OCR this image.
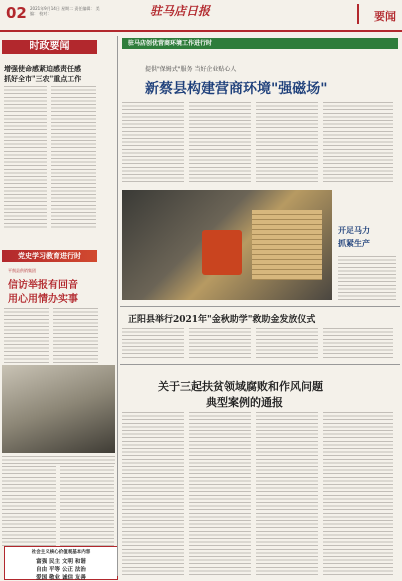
02 2021年9月14日 星期二 责任编辑： 美编： 校对：	驻马店日报	要闻
时政要闻
增强使命感紧迫感责任感
抓好全市"三农"重点工作
党史学习教育进行时
平舆县供销集团
信访举报有回音
用心用情办实事
社会主义核心价值观基本内容
富强 民主 文明 和谐
自由 平等 公正 法治
爱国 敬业 诚信 友善
驻马店创优营商环境工作进行时
提供"保姆式"服务 当好企业贴心人
新蔡县构建营商环境"强磁场"
开足马力
抓紧生产
正阳县举行2021年"金秋助学"救助金发放仪式
关于三起扶贫领域腐败和作风问题
典型案例的通报
